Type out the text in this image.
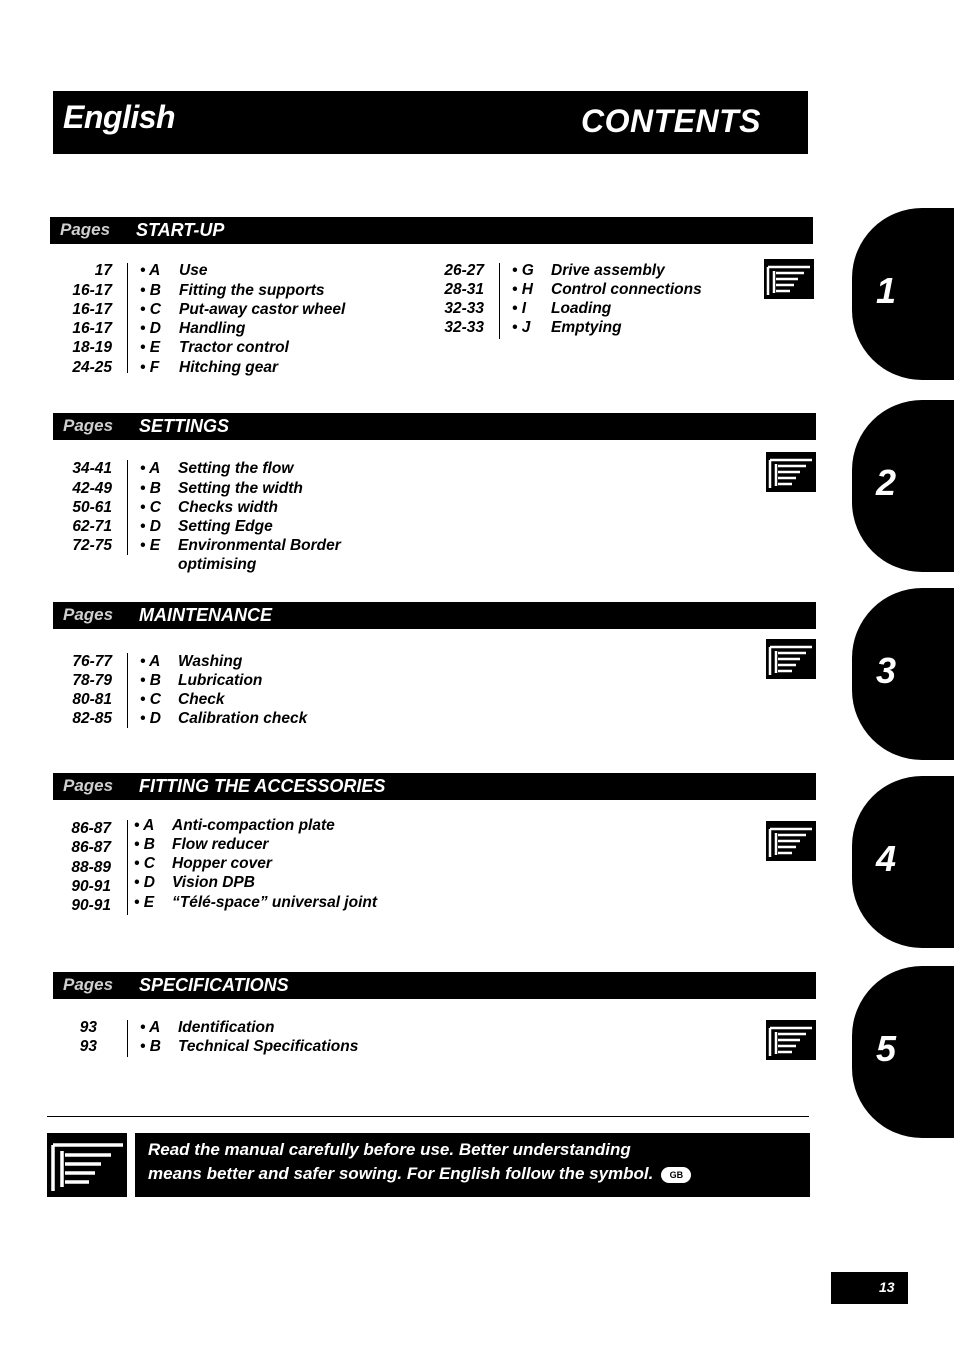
English	CONTENTS
Pages START-UP
17 • A Use
16-17 • B Fitting the supports
16-17 • C Put-away castor wheel
16-17 • D Handling
18-19 • E Tractor control
24-25 • F Hitching gear
26-27 • G Drive assembly
28-31 • H Control connections
32-33 • I Loading
32-33 • J Emptying
Pages SETTINGS
34-41 • A Setting the flow
42-49 • B Setting the width
50-61 • C Checks width
62-71 • D Setting Edge
72-75 • E Environmental Border
optimising
Pages MAINTENANCE
76-77 • A Washing
78-79 • B Lubrication
80-81 • C Check
82-85 • D Calibration check
Pages FITTING THE ACCESSORIES
86-87 • A Anti-compaction plate
86-87 • B Flow reducer
88-89 • C Hopper cover
90-91 • D Vision DPB
90-91 • E “Télé-space” universal joint
Pages SPECIFICATIONS
93	• A Identification
93	• B Technical Specifications
1
2
3
4
5
Read the manual carefully before use. Better understanding
means better and safer sowing. For English follow the symbol. GB
13
